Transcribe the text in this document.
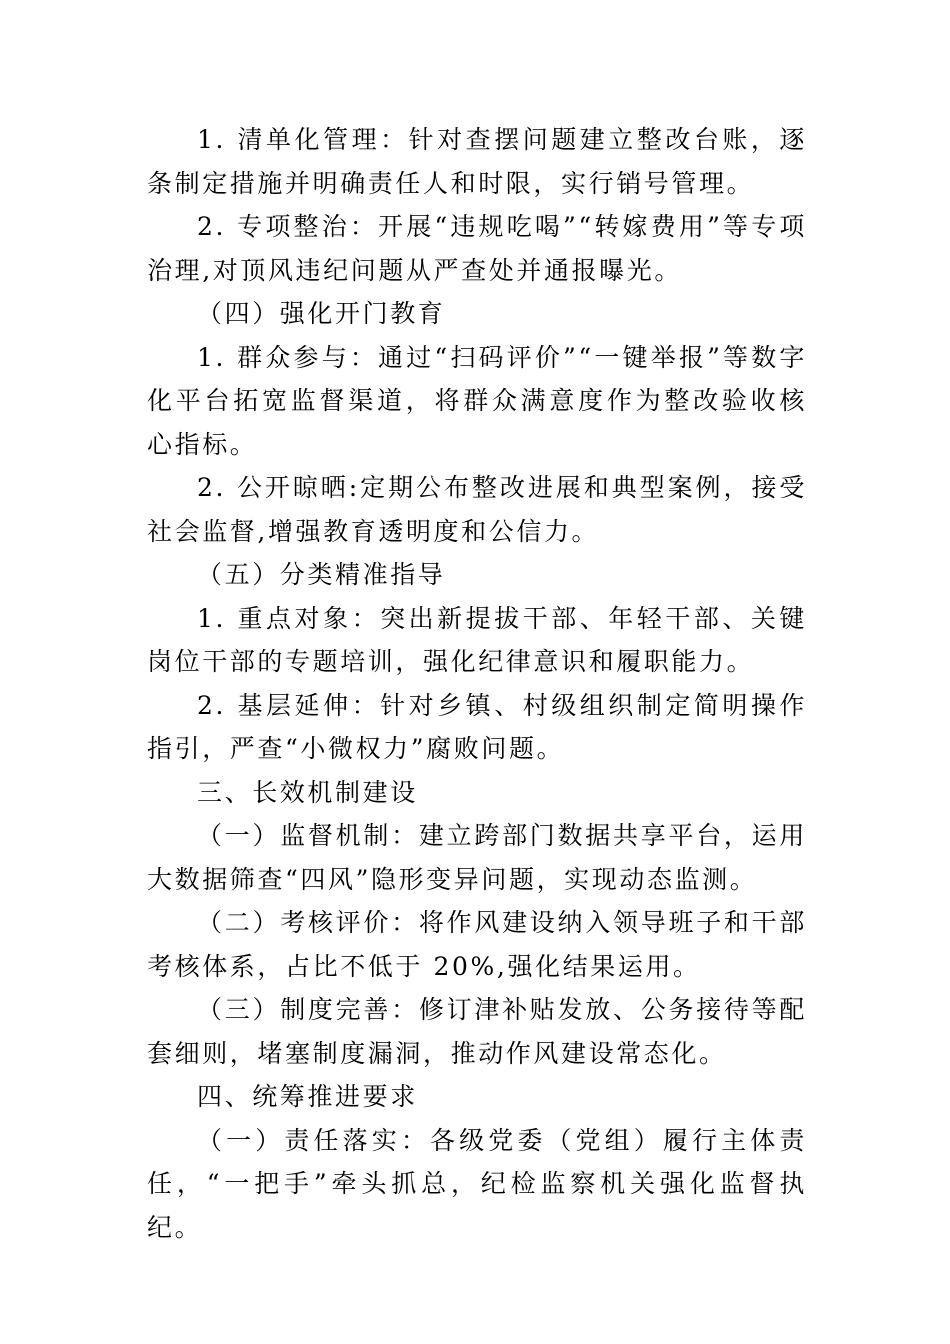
1. 清单化管理：针对查摆问题建立整改台账，逐条制定措施并明确责任人和时限，实行销号管理。

2. 专项整治：开展“违规吃喝”“转嫁费用”等专项治理,对顶风违纪问题从严查处并通报曝光。

（四）强化开门教育

1. 群众参与：通过“扫码评价”“一键举报”等数字化平台拓宽监督渠道，将群众满意度作为整改验收核心指标。

2. 公开晾晒:定期公布整改进展和典型案例，接受社会监督,增强教育透明度和公信力。

（五）分类精准指导

1. 重点对象：突出新提拔干部、年轻干部、关键岗位干部的专题培训，强化纪律意识和履职能力。

2. 基层延伸：针对乡镇、村级组织制定简明操作指引，严查“小微权力”腐败问题。

三、长效机制建设

（一）监督机制：建立跨部门数据共享平台，运用大数据筛查“四风”隐形变异问题，实现动态监测。

（二）考核评价：将作风建设纳入领导班子和干部考核体系，占比不低于 20%,强化结果运用。

（三）制度完善：修订津补贴发放、公务接待等配套细则，堵塞制度漏洞，推动作风建设常态化。

四、统筹推进要求

（一）责任落实：各级党委（党组）履行主体责任，“一把手”牵头抓总，纪检监察机关强化监督执纪。
